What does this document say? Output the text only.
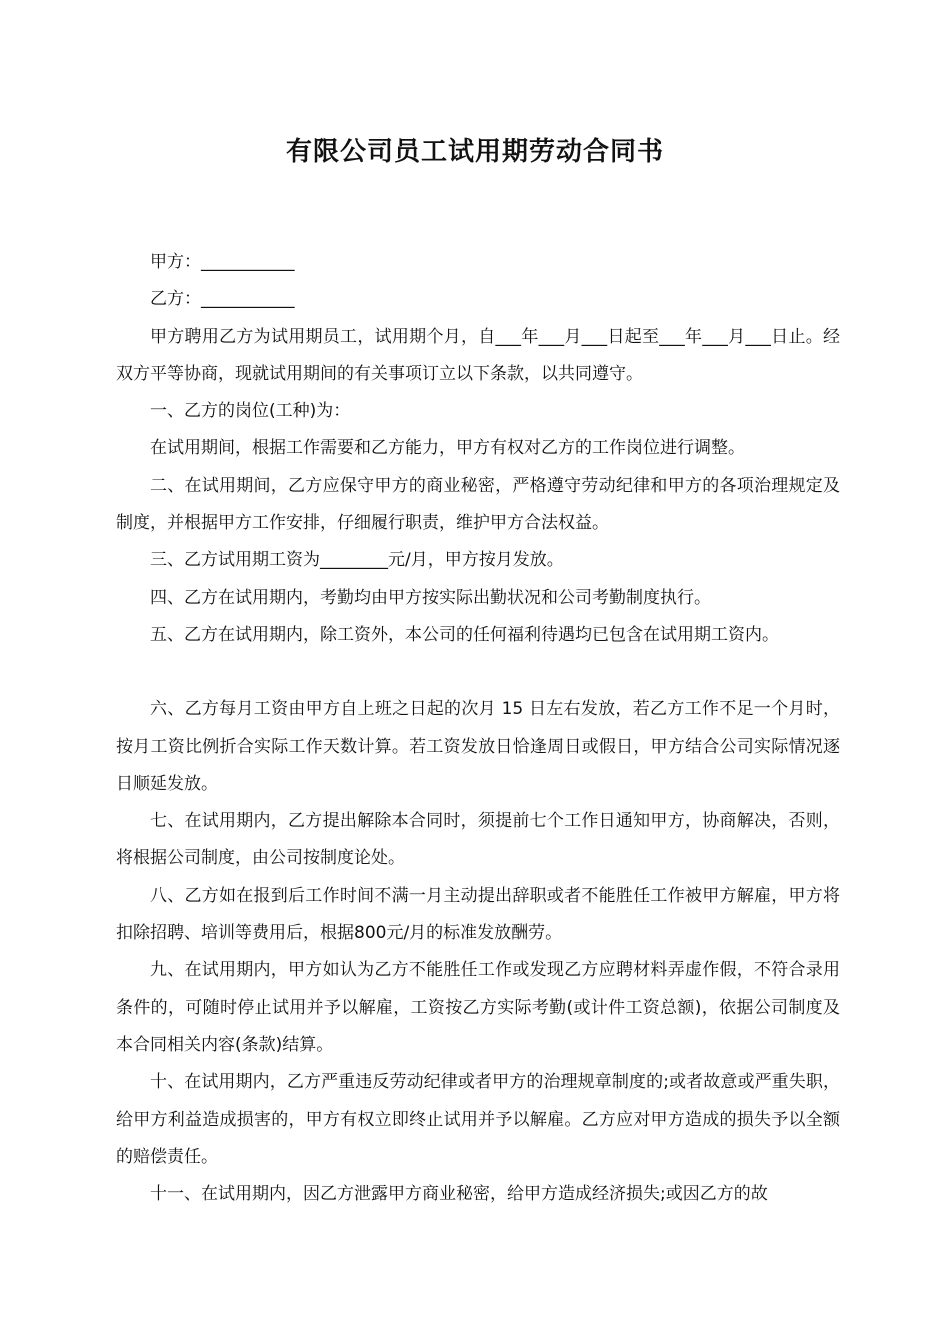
有限公司员工试用期劳动合同书

甲方：___________

乙方：___________

甲方聘用乙方为试用期员工，试用期个月，自___年___月___日起至___年___月___日止。经双方平等协商，现就试用期间的有关事项订立以下条款，以共同遵守。

一、乙方的岗位(工种)为：

在试用期间，根据工作需要和乙方能力，甲方有权对乙方的工作岗位进行调整。

二、在试用期间，乙方应保守甲方的商业秘密，严格遵守劳动纪律和甲方的各项治理规定及制度，并根据甲方工作安排，仔细履行职责，维护甲方合法权益。

三、乙方试用期工资为________元/月，甲方按月发放。

四、乙方在试用期内，考勤均由甲方按实际出勤状况和公司考勤制度执行。

五、乙方在试用期内，除工资外，本公司的任何福利待遇均已包含在试用期工资内。

六、乙方每月工资由甲方自上班之日起的次月 15 日左右发放，若乙方工作不足一个月时，按月工资比例折合实际工作天数计算。若工资发放日恰逢周日或假日，甲方结合公司实际情况逐日顺延发放。

七、在试用期内，乙方提出解除本合同时，须提前七个工作日通知甲方，协商解决，否则，将根据公司制度，由公司按制度论处。

八、乙方如在报到后工作时间不满一月主动提出辞职或者不能胜任工作被甲方解雇，甲方将扣除招聘、培训等费用后，根据800元/月的标准发放酬劳。

九、在试用期内，甲方如认为乙方不能胜任工作或发现乙方应聘材料弄虚作假，不符合录用条件的，可随时停止试用并予以解雇，工资按乙方实际考勤(或计件工资总额)，依据公司制度及本合同相关内容(条款)结算。

十、在试用期内，乙方严重违反劳动纪律或者甲方的治理规章制度的;或者故意或严重失职，给甲方利益造成损害的，甲方有权立即终止试用并予以解雇。乙方应对甲方造成的损失予以全额的赔偿责任。

十一、在试用期内，因乙方泄露甲方商业秘密，给甲方造成经济损失;或因乙方的故
